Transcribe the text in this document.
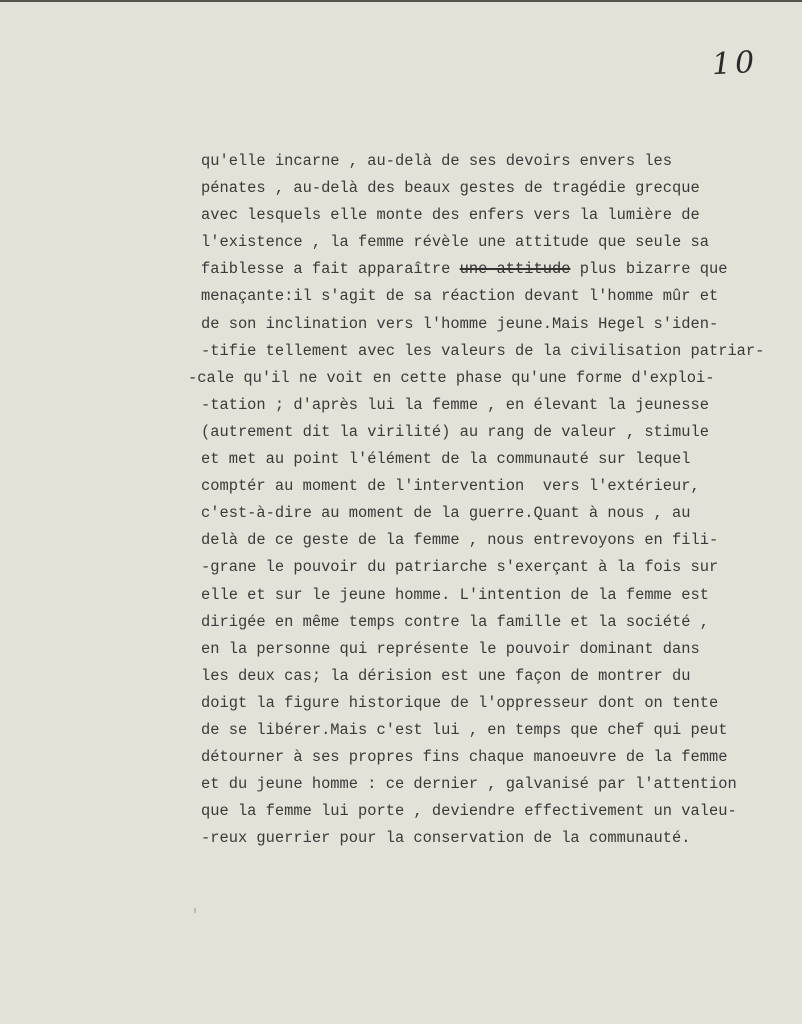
10
qu'elle incarne , au-delà de ses devoirs envers les
pénates , au-delà des beaux gestes de tragédie grecque
avec lesquels elle monte des enfers vers la lumière de
l'existence , la femme révèle une attitude que seule sa
faiblesse a fait apparaître une-attitude plus bizarre que
menaçante:il s'agit de sa réaction devant l'homme mûr et
de son inclination vers l'homme jeune.Mais Hegel s'iden-
-tifie tellement avec les valeurs de la civilisation patriar-
-cale qu'il ne voit en cette phase qu'une forme d'exploi-
-tation ; d'après lui la femme , en élevant la jeunesse
(autrement dit la virilité) au rang de valeur , stimule
et met au point l'élément de la communauté sur lequel
comptér au moment de l'intervention  vers l'extérieur,
c'est-à-dire au moment de la guerre.Quant à nous , au
delà de ce geste de la femme , nous entrevoyons en fili-
-grane le pouvoir du patriarche s'exerçant à la fois sur
elle et sur le jeune homme. L'intention de la femme est
dirigée en même temps contre la famille et la société ,
en la personne qui représente le pouvoir dominant dans
les deux cas; la dérision est une façon de montrer du
doigt la figure historique de l'oppresseur dont on tente
de se libérer.Mais c'est lui , en temps que chef qui peut
détourner à ses propres fins chaque manoeuvre de la femme
et du jeune homme : ce dernier , galvanisé par l'attention
que la femme lui porte , deviendre effectivement un valeu-
-reux guerrier pour la conservation de la communauté.
